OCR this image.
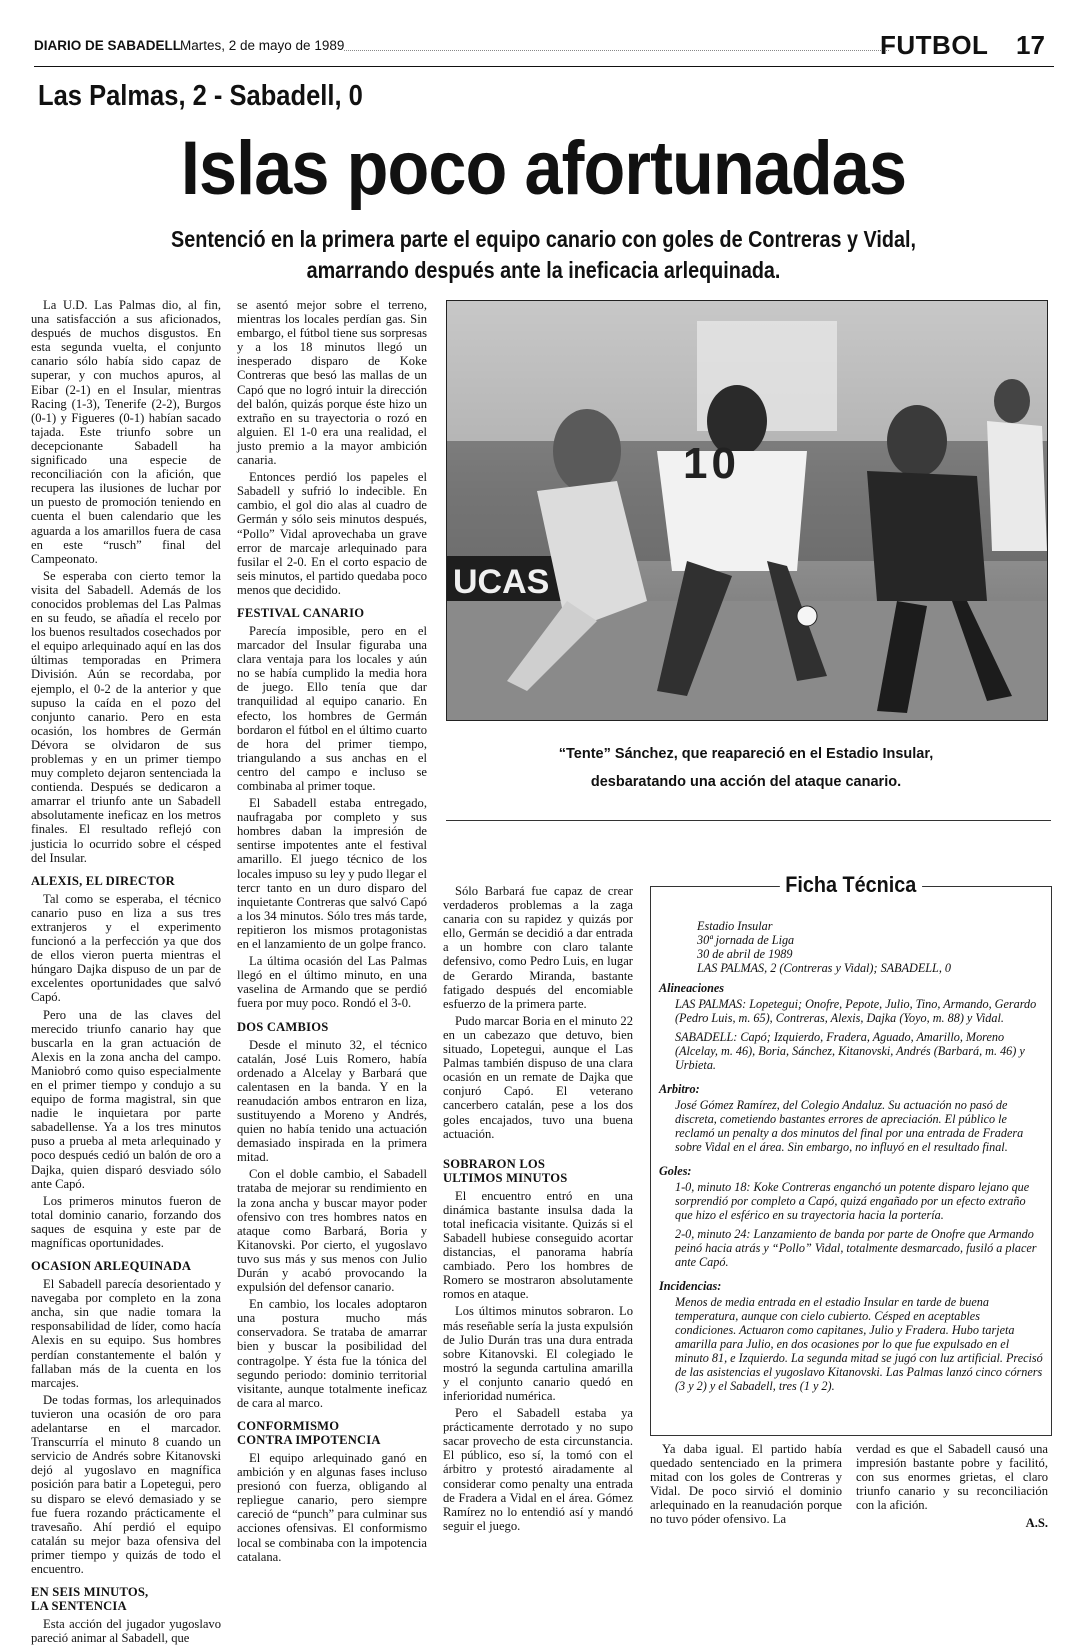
DIARIO DE SABADELL
Martes, 2 de mayo de 1989	FUTBOL 17
Las Palmas, 2 - Sabadell, 0
Islas poco afortunadas
Sentenció en la primera parte el equipo canario con goles de Contreras y Vidal,
amarrando después ante la ineficacia arlequinada.
UCAS
10
“Tente” Sánchez, que reapareció en el Estadio Insular,
desbaratando una acción del ataque canario.

La U.D. Las Palmas dio, al fin, una satisfacción a sus aficionados, después de muchos disgustos. En esta segunda vuelta, el conjunto canario sólo había sido capaz de superar, y con muchos apuros, al Eibar (2-1) en el Insular, mientras Racing (1-3), Tenerife (2-2), Burgos (0-1) y Figueres (0-1) habían sacado tajada. Este triunfo sobre un decepcionante Sabadell ha significado una especie de reconciliación con la afición, que recupera las ilusiones de luchar por un puesto de promoción teniendo en cuenta el buen calendario que les aguarda a los amarillos fuera de casa en este “rusch” final del Campeonato.

Se esperaba con cierto temor la visita del Sabadell. Además de los conocidos problemas del Las Palmas en su feudo, se añadía el recelo por los buenos resultados cosechados por el equipo arlequinado aquí en las dos últimas temporadas en Primera División. Aún se recordaba, por ejemplo, el 0-2 de la anterior y que supuso la caída en el pozo del conjunto canario. Pero en esta ocasión, los hombres de Germán Dévora se olvidaron de sus problemas y en un primer tiempo muy completo dejaron sentenciada la contienda. Después se dedicaron a amarrar el triunfo ante un Sabadell absolutamente ineficaz en los metros finales. El resultado reflejó con justicia lo ocurrido sobre el césped del Insular.

ALEXIS, EL DIRECTOR

Tal como se esperaba, el técnico canario puso en liza a sus tres extranjeros y el experimento funcionó a la perfección ya que dos de ellos vieron puerta mientras el húngaro Dajka dispuso de un par de excelentes oportunidades que salvó Capó.

Pero una de las claves del merecido triunfo canario hay que buscarla en la gran actuación de Alexis en la zona ancha del campo. Maniobró como quiso especialmente en el primer tiempo y condujo a su equipo de forma magistral, sin que nadie le inquietara por parte sabadellense. Ya a los tres minutos puso a prueba al meta arlequinado y poco después cedió un balón de oro a Dajka, quien disparó desviado sólo ante Capó.

Los primeros minutos fueron de total dominio canario, forzando dos saques de esquina y este par de magníficas oportunidades.

OCASION ARLEQUINADA

El Sabadell parecía desorientado y navegaba por completo en la zona ancha, sin que nadie tomara la responsabilidad de líder, como hacía Alexis en su equipo. Sus hombres perdían constantemente el balón y fallaban más de la cuenta en los marcajes.

De todas formas, los arlequinados tuvieron una ocasión de oro para adelantarse en el marcador. Transcurría el minuto 8 cuando un servicio de Andrés sobre Kitanovski dejó al yugoslavo en magnífica posición para batir a Lopetegui, pero su disparo se elevó demasiado y se fue fuera rozando prácticamente el travesaño. Ahí perdió el equipo catalán su mejor baza ofensiva del primer tiempo y quizás de todo el encuentro.

EN SEIS MINUTOS,
LA SENTENCIA

Esta acción del jugador yugoslavo pareció animar al Sabadell, que

se asentó mejor sobre el terreno, mientras los locales perdían gas. Sin embargo, el fútbol tiene sus sorpresas y a los 18 minutos llegó un inesperado disparo de Koke Contreras que besó las mallas de un Capó que no logró intuir la dirección del balón, quizás porque éste hizo un extraño en su trayectoria o rozó en alguien. El 1-0 era una realidad, el justo premio a la mayor ambición canaria.

Entonces perdió los papeles el Sabadell y sufrió lo indecible. En cambio, el gol dio alas al cuadro de Germán y sólo seis minutos después, “Pollo” Vidal aprovechaba un grave error de marcaje arlequinado para fusilar el 2-0. En el corto espacio de seis minutos, el partido quedaba poco menos que decidido.

FESTIVAL CANARIO

Parecía imposible, pero en el marcador del Insular figuraba una clara ventaja para los locales y aún no se había cumplido la media hora de juego. Ello tenía que dar tranquilidad al equipo canario. En efecto, los hombres de Germán bordaron el fútbol en el último cuarto de hora del primer tiempo, triangulando a sus anchas en el centro del campo e incluso se combinaba al primer toque.

El Sabadell estaba entregado, naufragaba por completo y sus hombres daban la impresión de sentirse impotentes ante el festival amarillo. El juego técnico de los locales impuso su ley y pudo llegar el tercr tanto en un duro disparo del inquietante Contreras que salvó Capó a los 34 minutos. Sólo tres más tarde, repitieron los mismos protagonistas en el lanzamiento de un golpe franco.

La última ocasión del Las Palmas llegó en el último minuto, en una vaselina de Armando que se perdió fuera por muy poco. Rondó el 3-0.

DOS CAMBIOS

Desde el minuto 32, el técnico catalán, José Luis Romero, había ordenado a Alcelay y Barbará que calentasen en la banda. Y en la reanudación ambos entraron en liza, sustituyendo a Moreno y Andrés, quien no había tenido una actuación demasiado inspirada en la primera mitad.

Con el doble cambio, el Sabadell trataba de mejorar su rendimiento en la zona ancha y buscar mayor poder ofensivo con tres hombres natos en ataque como Barbará, Boria y Kitanovski. Por cierto, el yugoslavo tuvo sus más y sus menos con Julio Durán y acabó provocando la expulsión del defensor canario.

En cambio, los locales adoptaron una postura mucho más conservadora. Se trataba de amarrar bien y buscar la posibilidad del contragolpe. Y ésta fue la tónica del segundo periodo: dominio territorial visitante, aunque totalmente ineficaz de cara al marco.

CONFORMISMO
CONTRA IMPOTENCIA

El equipo arlequinado ganó en ambición y en algunas fases incluso presionó con fuerza, obligando al repliegue canario, pero siempre careció de “punch” para culminar sus acciones ofensivas. El conformismo local se combinaba con la impotencia catalana.

Sólo Barbará fue capaz de crear verdaderos problemas a la zaga canaria con su rapidez y quizás por ello, Germán se decidió a dar entrada a un hombre con claro talante defensivo, como Pedro Luis, en lugar de Gerardo Miranda, bastante fatigado después del encomiable esfuerzo de la primera parte.

Pudo marcar Boria en el minuto 22 en un cabezazo que detuvo, bien situado, Lopetegui, aunque el Las Palmas también dispuso de una clara ocasión en un remate de Dajka que conjuró Capó. El veterano cancerbero catalán, pese a los dos goles encajados, tuvo una buena actuación.

SOBRARON LOS
ULTIMOS MINUTOS

El encuentro entró en una dinámica bastante insulsa dada la total ineficacia visitante. Quizás si el Sabadell hubiese conseguido acortar distancias, el panorama habría cambiado. Pero los hombres de Romero se mostraron absolutamente romos en ataque.

Los últimos minutos sobraron. Lo más reseñable sería la justa expulsión de Julio Durán tras una dura entrada sobre Kitanovski. El colegiado le mostró la segunda cartulina amarilla y el conjunto canario quedó en inferioridad numérica.

Pero el Sabadell estaba ya prácticamente derrotado y no supo sacar provecho de esta circunstancia. El público, eso sí, la tomó con el árbitro y protestó airadamente al considerar como penalty una entrada de Fradera a Vidal en el área. Gómez Ramírez no lo entendió así y mandó seguir el juego.

Ficha Técnica
Estadio Insular
30ª jornada de Liga
30 de abril de 1989
LAS PALMAS, 2 (Contreras y Vidal); SABADELL, 0
Alineaciones
LAS PALMAS: Lopetegui; Onofre, Pepote, Julio, Tino, Armando, Gerardo (Pedro Luis, m. 65), Contreras, Alexis, Dajka (Yoyo, m. 88) y Vidal.
SABADELL: Capó; Izquierdo, Fradera, Aguado, Amarillo, Moreno (Alcelay, m. 46), Boria, Sánchez, Kitanovski, Andrés (Barbará, m. 46) y Urbieta.
Arbitro:
José Gómez Ramírez, del Colegio Andaluz. Su actuación no pasó de discreta, cometiendo bastantes errores de apreciación. El público le reclamó un penalty a dos minutos del final por una entrada de Fradera sobre Vidal en el área. Sin embargo, no influyó en el resultado final.
Goles:
1-0, minuto 18: Koke Contreras enganchó un potente disparo lejano que sorprendió por completo a Capó, quizá engañado por un efecto extraño que hizo el esférico en su trayectoria hacia la portería.
2-0, minuto 24: Lanzamiento de banda por parte de Onofre que Armando peinó hacia atrás y “Pollo” Vidal, totalmente desmarcado, fusiló a placer ante Capó.
Incidencias:
Menos de media entrada en el estadio Insular en tarde de buena temperatura, aunque con cielo cubierto. Césped en aceptables condiciones. Actuaron como capitanes, Julio y Fradera. Hubo tarjeta amarilla para Julio, en dos ocasiones por lo que fue expulsado en el minuto 81, e Izquierdo. La segunda mitad se jugó con luz artificial. Precisó de las asistencias el yugoslavo Kitanovski. Las Palmas lanzó cinco córners (3 y 2) y el Sabadell, tres (1 y 2).

Ya daba igual. El partido había quedado sentenciado en la primera mitad con los goles de Contreras y Vidal. De poco sirvió el dominio arlequinado en la reanudación porque no tuvo póder ofensivo. La

verdad es que el Sabadell causó una impresión bastante pobre y facilitó, con sus enormes grietas, el claro triunfo canario y su reconciliación con la afición.

A.S.
